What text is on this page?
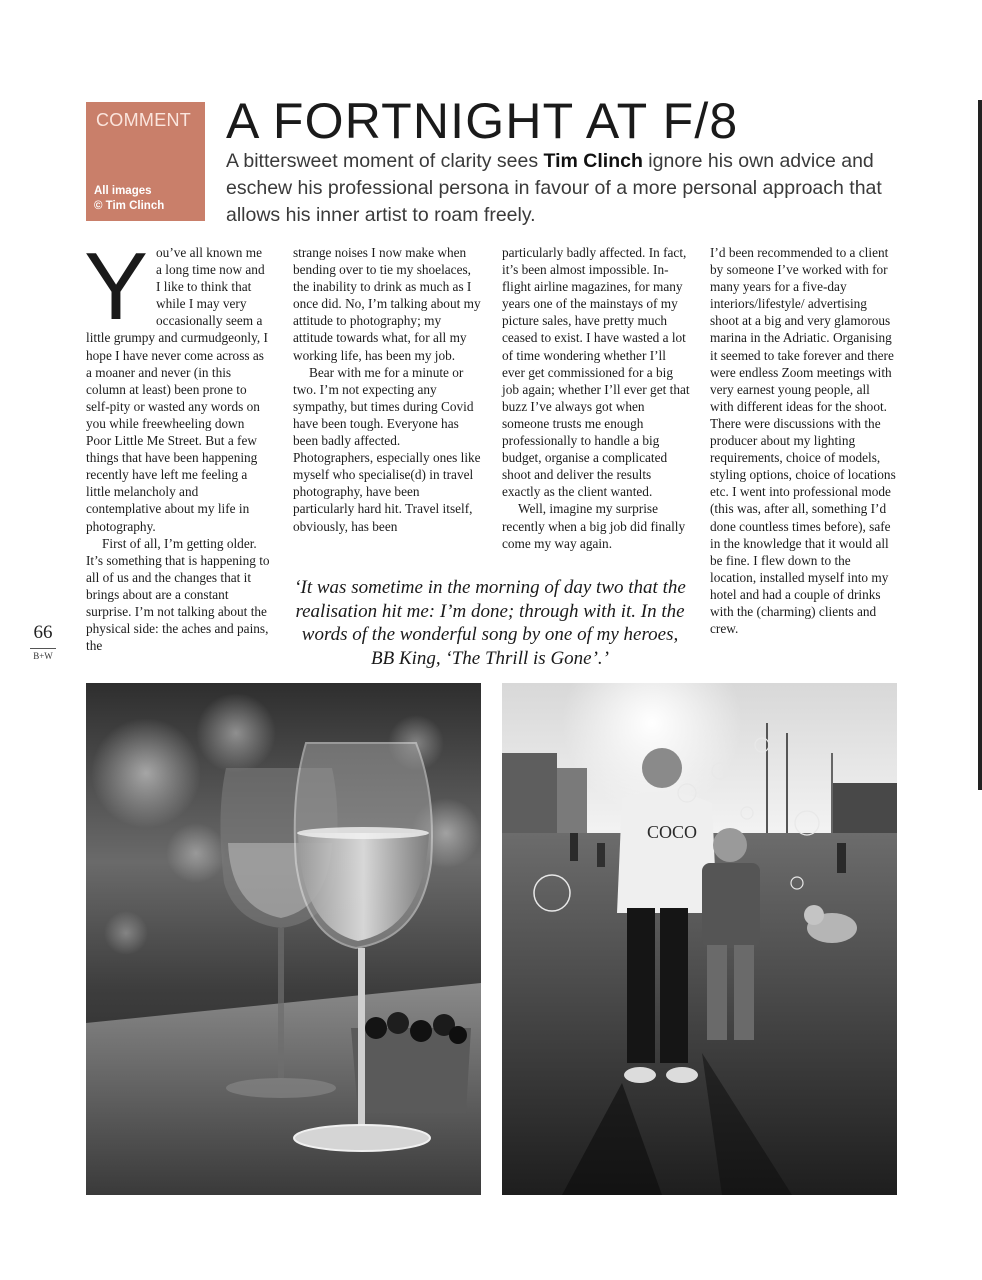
COMMENT
All images
© Tim Clinch
A FORTNIGHT AT F/8

A bittersweet moment of clarity sees Tim Clinch ignore his own advice and eschew his professional persona in favour of a more personal approach that allows his inner artist to roam freely.

You’ve all known me a long time now and I like to think that while I may very occasionally seem a little grumpy and curmudgeonly, I hope I have never come across as a moaner and never (in this column at least) been prone to self-pity or wasted any words on you while freewheeling down Poor Little Me Street. But a few things that have been happening recently have left me feeling a little melancholy and contemplative about my life in photography.

First of all, I’m getting older. It’s something that is happening to all of us and the changes that it brings about are a constant surprise. I’m not talking about the physical side: the aches and pains, the

strange noises I now make when bending over to tie my shoelaces, the inability to drink as much as I once did. No, I’m talking about my attitude to photography; my attitude towards what, for all my working life, has been my job.

Bear with me for a minute or two. I’m not expecting any sympathy, but times during Covid have been tough. Everyone has been badly affected. Photographers, especially ones like myself who specialise(d) in travel photography, have been particularly hard hit. Travel itself, obviously, has been

particularly badly affected. In fact, it’s been almost impossible. In-flight airline magazines, for many years one of the mainstays of my picture sales, have pretty much ceased to exist. I have wasted a lot of time wondering whether I’ll ever get commissioned for a big job again; whether I’ll ever get that buzz I’ve always got when someone trusts me enough professionally to handle a big budget, organise a complicated shoot and deliver the results exactly as the client wanted.

Well, imagine my surprise recently when a big job did finally come my way again.

I’d been recommended to a client by someone I’ve worked with for many years for a five-day interiors/lifestyle/ advertising shoot at a big and very glamorous marina in the Adriatic. Organising it seemed to take forever and there were endless Zoom meetings with very earnest young people, all with different ideas for the shoot. There were discussions with the producer about my lighting requirements, choice of models, styling options, choice of locations etc. I went into professional mode (this was, after all, something I’d done countless times before), safe in the knowledge that it would all be fine. I flew down to the location, installed myself into my hotel and had a couple of drinks with the (charming) clients and crew.

‘It was sometime in the morning of day two that the realisation hit me: I’m done; through with it. In the words of the wonderful song by one of my heroes, BB King, ‘The Thrill is Gone’.’
66
B+W
COCO
